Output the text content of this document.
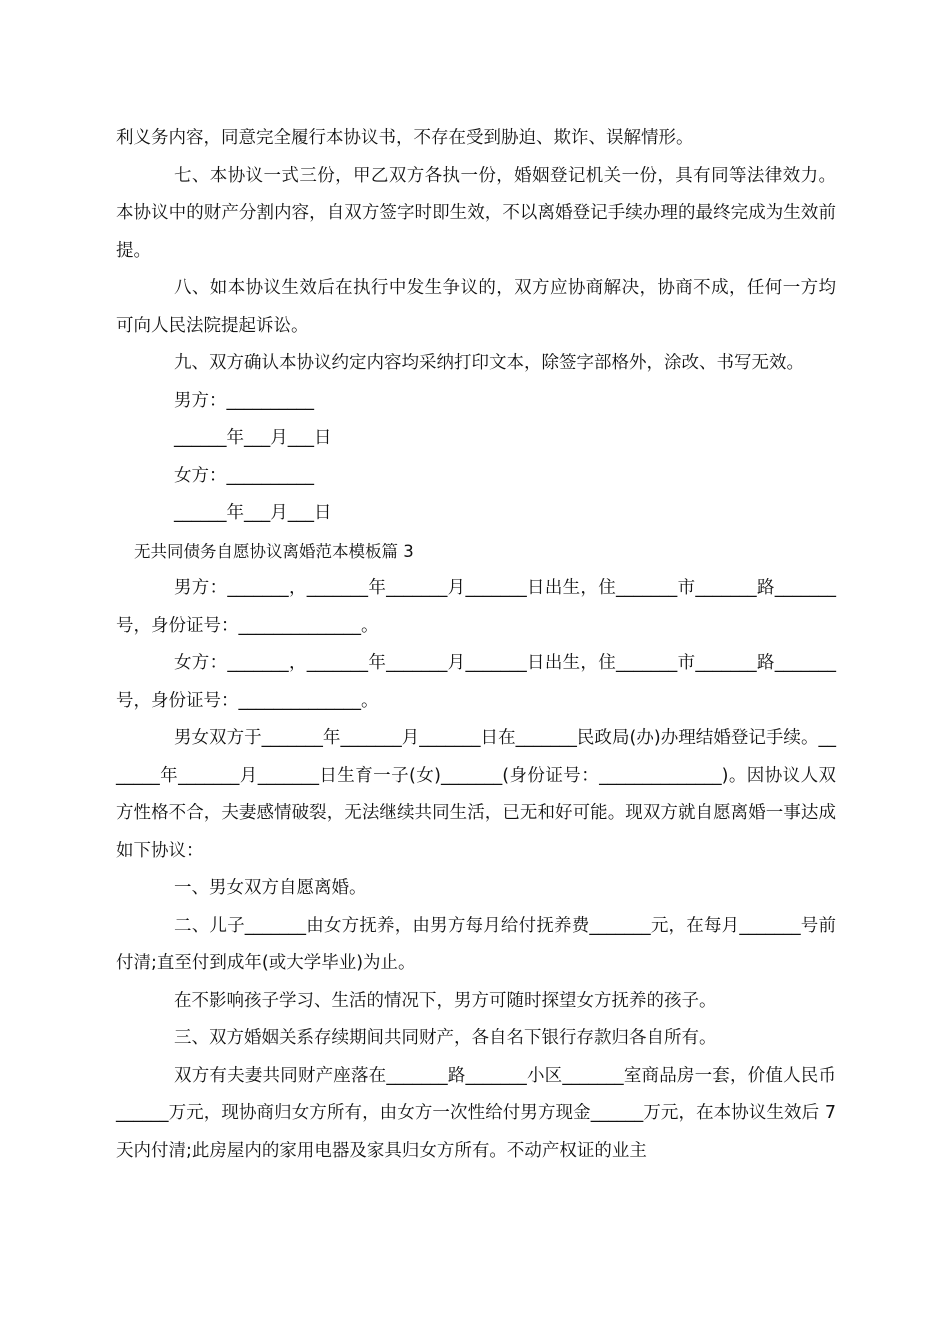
利义务内容，同意完全履行本协议书，不存在受到胁迫、欺诈、误解情形。

七、本协议一式三份，甲乙双方各执一份，婚姻登记机关一份，具有同等法律效力。本协议中的财产分割内容，自双方签字时即生效，不以离婚登记手续办理的最终完成为生效前提。

八、如本协议生效后在执行中发生争议的，双方应协商解决，协商不成，任何一方均可向人民法院提起诉讼。

九、双方确认本协议约定内容均采纳打印文本，除签字部格外，涂改、书写无效。

男方：__________

______年___月___日

女方：__________

______年___月___日

无共同债务自愿协议离婚范本模板篇 3

男方：_______，_______年_______月_______日出生，住_______市_______路_______号，身份证号：______________。

女方：_______，_______年_______月_______日出生，住_______市_______路_______号，身份证号：______________。

男女双方于_______年_______月_______日在_______民政局(办)办理结婚登记手续。_______年_______月_______日生育一子(女)_______(身份证号：______________)。因协议人双方性格不合，夫妻感情破裂，无法继续共同生活，已无和好可能。现双方就自愿离婚一事达成如下协议：

一、男女双方自愿离婚。

二、儿子_______由女方抚养，由男方每月给付抚养费_______元，在每月_______号前付清;直至付到成年(或大学毕业)为止。

在不影响孩子学习、生活的情况下，男方可随时探望女方抚养的孩子。

三、双方婚姻关系存续期间共同财产，各自名下银行存款归各自所有。

双方有夫妻共同财产座落在_______路_______小区_______室商品房一套，价值人民币______万元，现协商归女方所有，由女方一次性给付男方现金______万元，在本协议生效后 7 天内付清;此房屋内的家用电器及家具归女方所有。不动产权证的业主
